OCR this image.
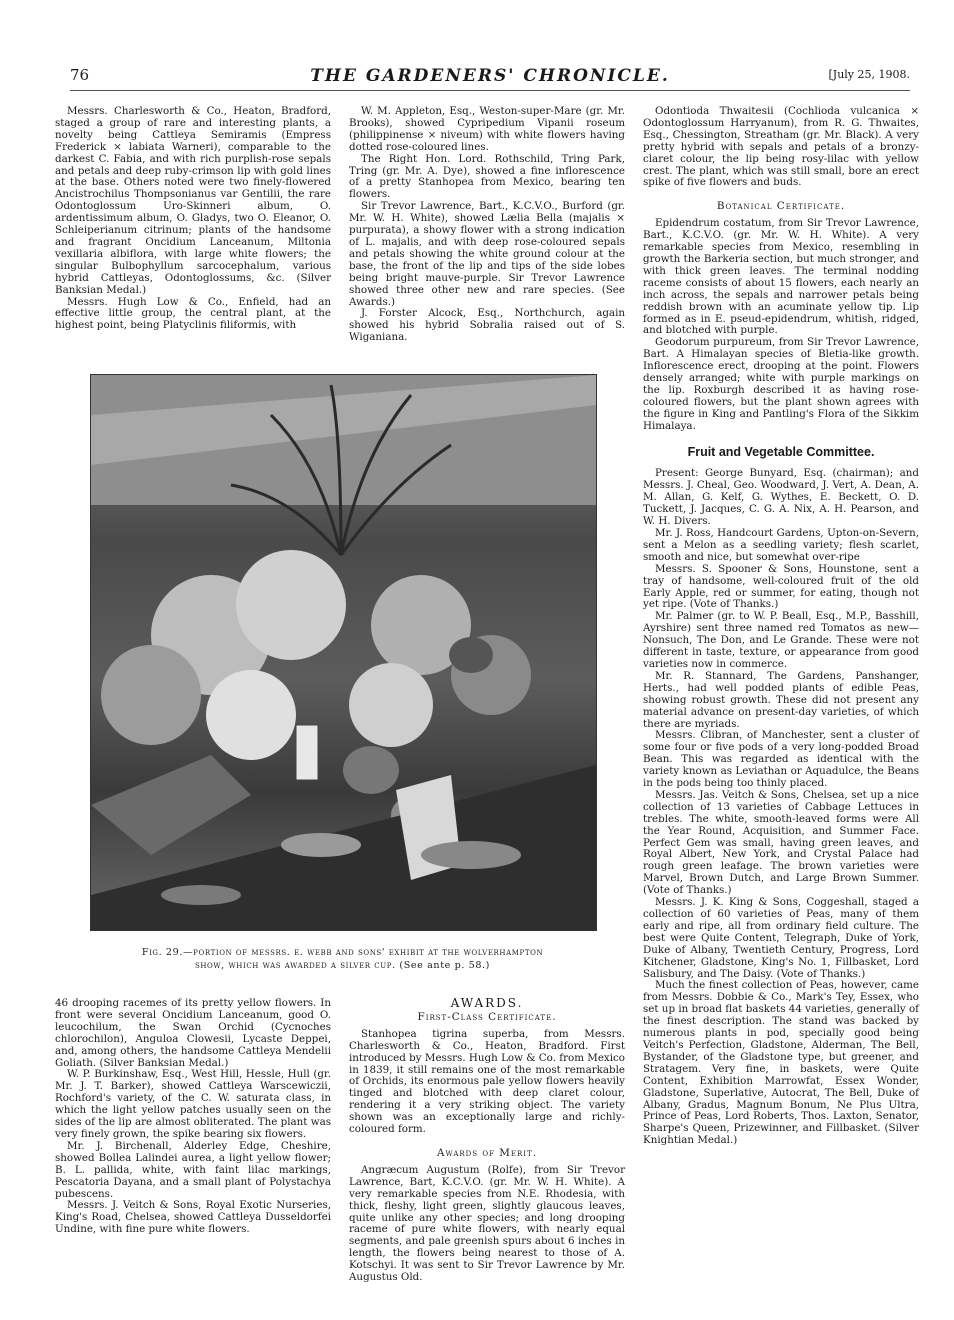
76	THE GARDENERS' CHRONICLE.	[July 25, 1908.

Messrs. Charlesworth & Co., Heaton, Bradford, staged a group of rare and interesting plants, a novelty being Cattleya Semiramis (Empress Frederick × labiata Warneri), comparable to the darkest C. Fabia, and with rich purplish-rose sepals and petals and deep ruby-crimson lip with gold lines at the base. Others noted were two finely-flowered Ancistrochilus Thompsonianus var Gentilii, the rare Odontoglossum Uro-Skinneri album, O. ardentissimum album, O. Gladys, two O. Eleanor, O. Schleiperianum citrinum; plants of the handsome and fragrant Oncidium Lanceanum, Miltonia vexillaria albiflora, with large white flowers; the singular Bulbophyllum sarcocephalum, various hybrid Cattleyas, Odontoglossums, &c. (Silver Banksian Medal.)

Messrs. Hugh Low & Co., Enfield, had an effective little group, the central plant, at the highest point, being Platyclinis filiformis, with

W. M. Appleton, Esq., Weston-super-Mare (gr. Mr. Brooks), showed Cypripedium Vipanii roseum (philippinense × niveum) with white flowers having dotted rose-coloured lines.

The Right Hon. Lord. Rothschild, Tring Park, Tring (gr. Mr. A. Dye), showed a fine inflorescence of a pretty Stanhopea from Mexico, bearing ten flowers.

Sir Trevor Lawrence, Bart., K.C.V.O., Burford (gr. Mr. W. H. White), showed Lælia Bella (majalis × purpurata), a showy flower with a strong indication of L. majalis, and with deep rose-coloured sepals and petals showing the white ground colour at the base, the front of the lip and tips of the side lobes being bright mauve-purple. Sir Trevor Lawrence showed three other new and rare species. (See Awards.)

J. Forster Alcock, Esq., Northchurch, again showed his hybrid Sobralia raised out of S. Wiganiana.

Odontioda Thwaitesii (Cochlioda vulcanica × Odontoglossum Harryanum), from R. G. Thwaites, Esq., Chessington, Streatham (gr. Mr. Black). A very pretty hybrid with sepals and petals of a bronzy-claret colour, the lip being rosy-lilac with yellow crest. The plant, which was still small, bore an erect spike of five flowers and buds.

Botanical Certificate.

Epidendrum costatum, from Sir Trevor Lawrence, Bart., K.C.V.O. (gr. Mr. W. H. White). A very remarkable species from Mexico, resembling in growth the Barkeria section, but much stronger, and with thick green leaves. The terminal nodding raceme consists of about 15 flowers, each nearly an inch across, the sepals and narrower petals being reddish brown with an acuminate yellow tip. Lip formed as in E. pseud-epidendrum, whitish, ridged, and blotched with purple.

Geodorum purpureum, from Sir Trevor Lawrence, Bart. A Himalayan species of Bletia-like growth. Inflorescence erect, drooping at the point. Flowers densely arranged; white with purple markings on the lip. Roxburgh described it as having rose-coloured flowers, but the plant shown agrees with the figure in King and Pantling's Flora of the Sikkim Himalaya.

Fruit and Vegetable Committee.

Present: George Bunyard, Esq. (chairman); and Messrs. J. Cheal, Geo. Woodward, J. Vert, A. Dean, A. M. Allan, G. Kelf, G. Wythes, E. Beckett, O. D. Tuckett, J. Jacques, C. G. A. Nix, A. H. Pearson, and W. H. Divers.

Mr. J. Ross, Handcourt Gardens, Upton-on-Severn, sent a Melon as a seedling variety; flesh scarlet, smooth and nice, but somewhat over-ripe

Messrs. S. Spooner & Sons, Hounstone, sent a tray of handsome, well-coloured fruit of the old Early Apple, red or summer, for eating, though not yet ripe. (Vote of Thanks.)

Mr. Palmer (gr. to W. P. Beall, Esq., M.P., Basshill, Ayrshire) sent three named red Tomatos as new—Nonsuch, The Don, and Le Grande. These were not different in taste, texture, or appearance from good varieties now in commerce.

Mr. R. Stannard, The Gardens, Panshanger, Herts., had well podded plants of edible Peas, showing robust growth. These did not present any material advance on present-day varieties, of which there are myriads.

Messrs. Clibran, of Manchester, sent a cluster of some four or five pods of a very long-podded Broad Bean. This was regarded as identical with the variety known as Leviathan or Aquadulce, the Beans in the pods being too thinly placed.

Messrs. Jas. Veitch & Sons, Chelsea, set up a nice collection of 13 varieties of Cabbage Lettuces in trebles. The white, smooth-leaved forms were All the Year Round, Acquisition, and Summer Face. Perfect Gem was small, having green leaves, and Royal Albert, New York, and Crystal Palace had rough green leafage. The brown varieties were Marvel, Brown Dutch, and Large Brown Summer. (Vote of Thanks.)

Messrs. J. K. King & Sons, Coggeshall, staged a collection of 60 varieties of Peas, many of them early and ripe, all from ordinary field culture. The best were Quite Content, Telegraph, Duke of York, Duke of Albany, Twentieth Century, Progress, Lord Kitchener, Gladstone, King's No. 1, Fillbasket, Lord Salisbury, and The Daisy. (Vote of Thanks.)

Much the finest collection of Peas, however, came from Messrs. Dobbie & Co., Mark's Tey, Essex, who set up in broad flat baskets 44 varieties, generally of the finest description. The stand was backed by numerous plants in pod, specially good being Veitch's Perfection, Gladstone, Alderman, The Bell, Bystander, of the Gladstone type, but greener, and Stratagem. Very fine, in baskets, were Quite Content, Exhibition Marrowfat, Essex Wonder, Gladstone, Superlative, Autocrat, The Bell, Duke of Albany, Gradus, Magnum Bonum, Ne Plus Ultra, Prince of Peas, Lord Roberts, Thos. Laxton, Senator, Sharpe's Queen, Prizewinner, and Fillbasket. (Silver Knightian Medal.)

Fig. 29.—portion of messrs. e. webb and sons' exhibit at the wolverhampton
show, which was awarded a silver cup. (See ante p. 58.)

46 drooping racemes of its pretty yellow flowers. In front were several Oncidium Lanceanum, good O. leucochilum, the Swan Orchid (Cycnoches chlorochilon), Anguloa Clowesii, Lycaste Deppei, and, among others, the handsome Cattleya Mendelii Goliath. (Silver Banksian Medal.)

W. P. Burkinshaw, Esq., West Hill, Hessle, Hull (gr. Mr. J. T. Barker), showed Cattleya Warscewiczii, Rochford's variety, of the C. W. saturata class, in which the light yellow patches usually seen on the sides of the lip are almost obliterated. The plant was very finely grown, the spike bearing six flowers.

Mr. J. Birchenall, Alderley Edge, Cheshire, showed Bollea Lalindei aurea, a light yellow flower; B. L. pallida, white, with faint lilac markings, Pescatoria Dayana, and a small plant of Polystachya pubescens.

Messrs. J. Veitch & Sons, Royal Exotic Nurseries, King's Road, Chelsea, showed Cattleya Dusseldorfei Undine, with fine pure white flowers.

AWARDS.
First-Class Certificate.

Stanhopea tigrina superba, from Messrs. Charlesworth & Co., Heaton, Bradford. First introduced by Messrs. Hugh Low & Co. from Mexico in 1839, it still remains one of the most remarkable of Orchids, its enormous pale yellow flowers heavily tinged and blotched with deep claret colour, rendering it a very striking object. The variety shown was an exceptionally large and richly-coloured form.

Awards of Merit.

Angræcum Augustum (Rolfe), from Sir Trevor Lawrence, Bart, K.C.V.O. (gr. Mr. W. H. White). A very remarkable species from N.E. Rhodesia, with thick, fleshy, light green, slightly glaucous leaves, quite unlike any other species; and long drooping raceme of pure white flowers, with nearly equal segments, and pale greenish spurs about 6 inches in length, the flowers being nearest to those of A. Kotschyi. It was sent to Sir Trevor Lawrence by Mr. Augustus Old.
